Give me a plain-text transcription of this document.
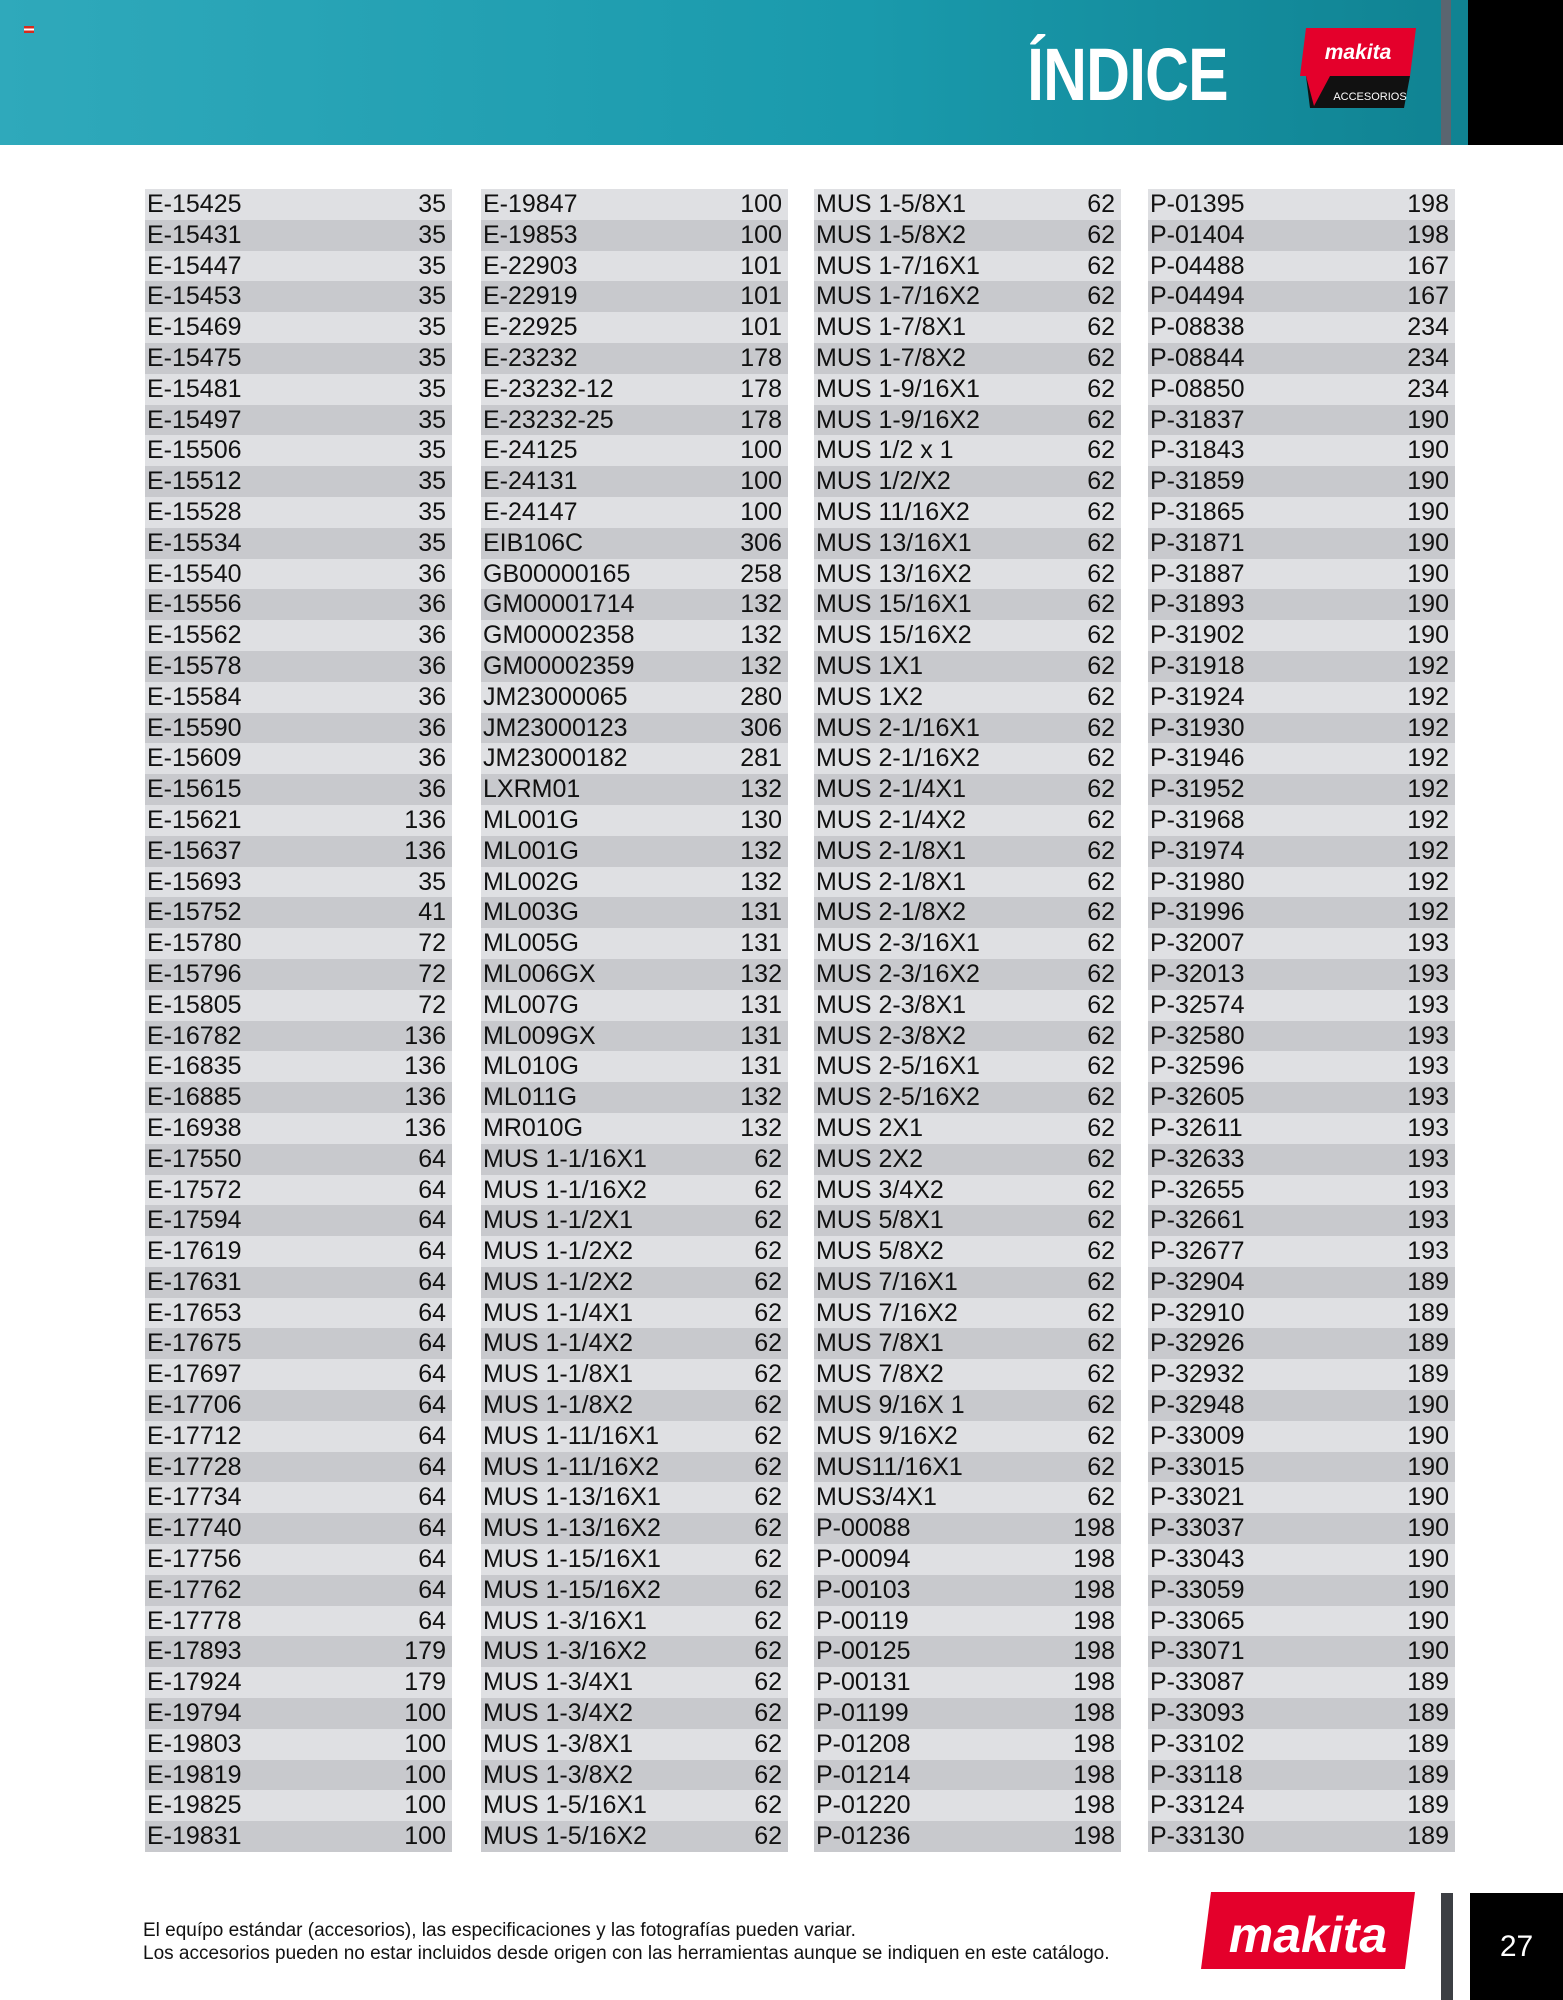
ÍNDICE	makita
ACCESORIOS
E-15425	35
E-15431	35
E-15447	35
E-15453	35
E-15469	35
E-15475	35
E-15481	35
E-15497	35
E-15506	35
E-15512	35
E-15528	35
E-15534	35
E-15540	36
E-15556	36
E-15562	36
E-15578	36
E-15584	36
E-15590	36
E-15609	36
E-15615	36
E-15621	136
E-15637	136
E-15693	35
E-15752	41
E-15780	72
E-15796	72
E-15805	72
E-16782	136
E-16835	136
E-16885	136
E-16938	136
E-17550	64
E-17572	64
E-17594	64
E-17619	64
E-17631	64
E-17653	64
E-17675	64
E-17697	64
E-17706	64
E-17712	64
E-17728	64
E-17734	64
E-17740	64
E-17756	64
E-17762	64
E-17778	64
E-17893	179
E-17924	179
E-19794	100
E-19803	100
E-19819	100
E-19825	100
E-19831	100
E-19847	100
E-19853	100
E-22903	101
E-22919	101
E-22925	101
E-23232	178
E-23232-12	178
E-23232-25	178
E-24125	100
E-24131	100
E-24147	100
EIB106C	306
GB00000165	258
GM00001714	132
GM00002358	132
GM00002359	132
JM23000065	280
JM23000123	306
JM23000182	281
LXRM01	132
ML001G	130
ML001G	132
ML002G	132
ML003G	131
ML005G	131
ML006GX	132
ML007G	131
ML009GX	131
ML010G	131
ML011G	132
MR010G	132
MUS 1-1/16X1	62
MUS 1-1/16X2	62
MUS 1-1/2X1	62
MUS 1-1/2X2	62
MUS 1-1/2X2	62
MUS 1-1/4X1	62
MUS 1-1/4X2	62
MUS 1-1/8X1	62
MUS 1-1/8X2	62
MUS 1-11/16X1	62
MUS 1-11/16X2	62
MUS 1-13/16X1	62
MUS 1-13/16X2	62
MUS 1-15/16X1	62
MUS 1-15/16X2	62
MUS 1-3/16X1	62
MUS 1-3/16X2	62
MUS 1-3/4X1	62
MUS 1-3/4X2	62
MUS 1-3/8X1	62
MUS 1-3/8X2	62
MUS 1-5/16X1	62
MUS 1-5/16X2	62
MUS 1-5/8X1	62
MUS 1-5/8X2	62
MUS 1-7/16X1	62
MUS 1-7/16X2	62
MUS 1-7/8X1	62
MUS 1-7/8X2	62
MUS 1-9/16X1	62
MUS 1-9/16X2	62
MUS 1/2 x 1	62
MUS 1/2/X2	62
MUS 11/16X2	62
MUS 13/16X1	62
MUS 13/16X2	62
MUS 15/16X1	62
MUS 15/16X2	62
MUS 1X1	62
MUS 1X2	62
MUS 2-1/16X1	62
MUS 2-1/16X2	62
MUS 2-1/4X1	62
MUS 2-1/4X2	62
MUS 2-1/8X1	62
MUS 2-1/8X1	62
MUS 2-1/8X2	62
MUS 2-3/16X1	62
MUS 2-3/16X2	62
MUS 2-3/8X1	62
MUS 2-3/8X2	62
MUS 2-5/16X1	62
MUS 2-5/16X2	62
MUS 2X1	62
MUS 2X2	62
MUS 3/4X2	62
MUS 5/8X1	62
MUS 5/8X2	62
MUS 7/16X1	62
MUS 7/16X2	62
MUS 7/8X1	62
MUS 7/8X2	62
MUS 9/16X 1	62
MUS 9/16X2	62
MUS11/16X1	62
MUS3/4X1	62
P-00088	198
P-00094	198
P-00103	198
P-00119	198
P-00125	198
P-00131	198
P-01199	198
P-01208	198
P-01214	198
P-01220	198
P-01236	198
P-01395	198
P-01404	198
P-04488	167
P-04494	167
P-08838	234
P-08844	234
P-08850	234
P-31837	190
P-31843	190
P-31859	190
P-31865	190
P-31871	190
P-31887	190
P-31893	190
P-31902	190
P-31918	192
P-31924	192
P-31930	192
P-31946	192
P-31952	192
P-31968	192
P-31974	192
P-31980	192
P-31996	192
P-32007	193
P-32013	193
P-32574	193
P-32580	193
P-32596	193
P-32605	193
P-32611	193
P-32633	193
P-32655	193
P-32661	193
P-32677	193
P-32904	189
P-32910	189
P-32926	189
P-32932	189
P-32948	190
P-33009	190
P-33015	190
P-33021	190
P-33037	190
P-33043	190
P-33059	190
P-33065	190
P-33071	190
P-33087	189
P-33093	189
P-33102	189
P-33118	189
P-33124	189
P-33130	189
El equípo estándar (accesorios), las especificaciones y las fotografías pueden variar.
Los accesorios pueden no estar incluidos desde origen con las herramientas aunque se indiquen en este catálogo. makita	27
